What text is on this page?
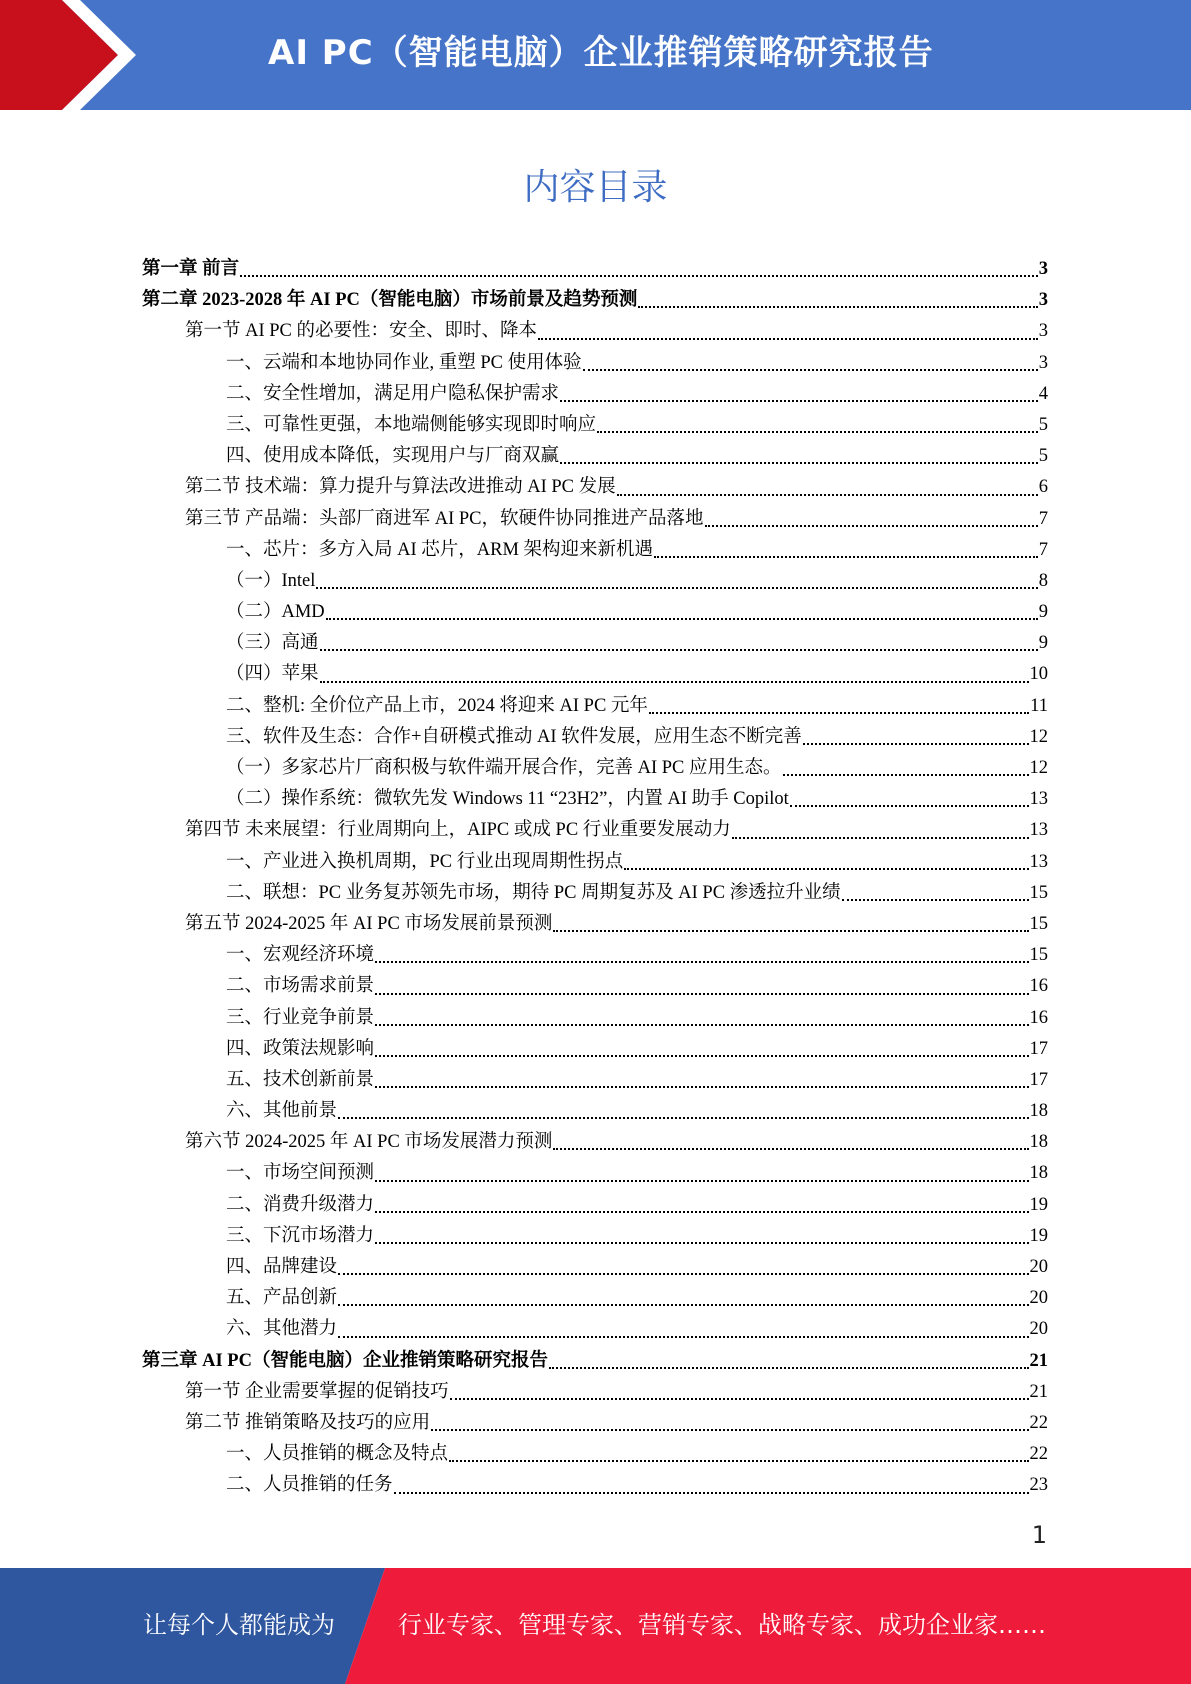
AI PC（智能电脑）企业推销策略研究报告
内容目录
第一章 前言	3
第二章 2023-2028 年 AI PC（智能电脑）市场前景及趋势预测	3
第一节 AI PC 的必要性：安全、即时、降本	3
一、云端和本地协同作业, 重塑 PC 使用体验	3
二、安全性增加，满足用户隐私保护需求	4
三、可靠性更强，本地端侧能够实现即时响应	5
四、使用成本降低，实现用户与厂商双赢	5
第二节 技术端：算力提升与算法改进推动 AI PC 发展	6
第三节 产品端：头部厂商进军 AI PC，软硬件协同推进产品落地	7
一、芯片：多方入局 AI 芯片，ARM 架构迎来新机遇	7
（一）Intel	8
（二）AMD	9
（三）高通	9
（四）苹果	10
二、整机: 全价位产品上市，2024 将迎来 AI PC 元年	11
三、软件及生态：合作+自研模式推动 AI 软件发展，应用生态不断完善	12
（一）多家芯片厂商积极与软件端开展合作，完善 AI PC 应用生态。	12
（二）操作系统：微软先发 Windows 11 “23H2”，内置 AI 助手 Copilot	13
第四节 未来展望：行业周期向上，AIPC 或成 PC 行业重要发展动力	13
一、产业进入换机周期，PC 行业出现周期性拐点	13
二、联想：PC 业务复苏领先市场，期待 PC 周期复苏及 AI PC 渗透拉升业绩	15
第五节 2024-2025 年 AI PC 市场发展前景预测	15
一、宏观经济环境	15
二、市场需求前景	16
三、行业竞争前景	16
四、政策法规影响	17
五、技术创新前景	17
六、其他前景	18
第六节 2024-2025 年 AI PC 市场发展潜力预测	18
一、市场空间预测	18
二、消费升级潜力	19
三、下沉市场潜力	19
四、品牌建设	20
五、产品创新	20
六、其他潜力	20
第三章 AI PC（智能电脑）企业推销策略研究报告	21
第一节 企业需要掌握的促销技巧	21
第二节 推销策略及技巧的应用	22
一、人员推销的概念及特点	22
二、人员推销的任务	23
1
让每个人都能成为	行业专家、管理专家、营销专家、战略专家、成功企业家……
